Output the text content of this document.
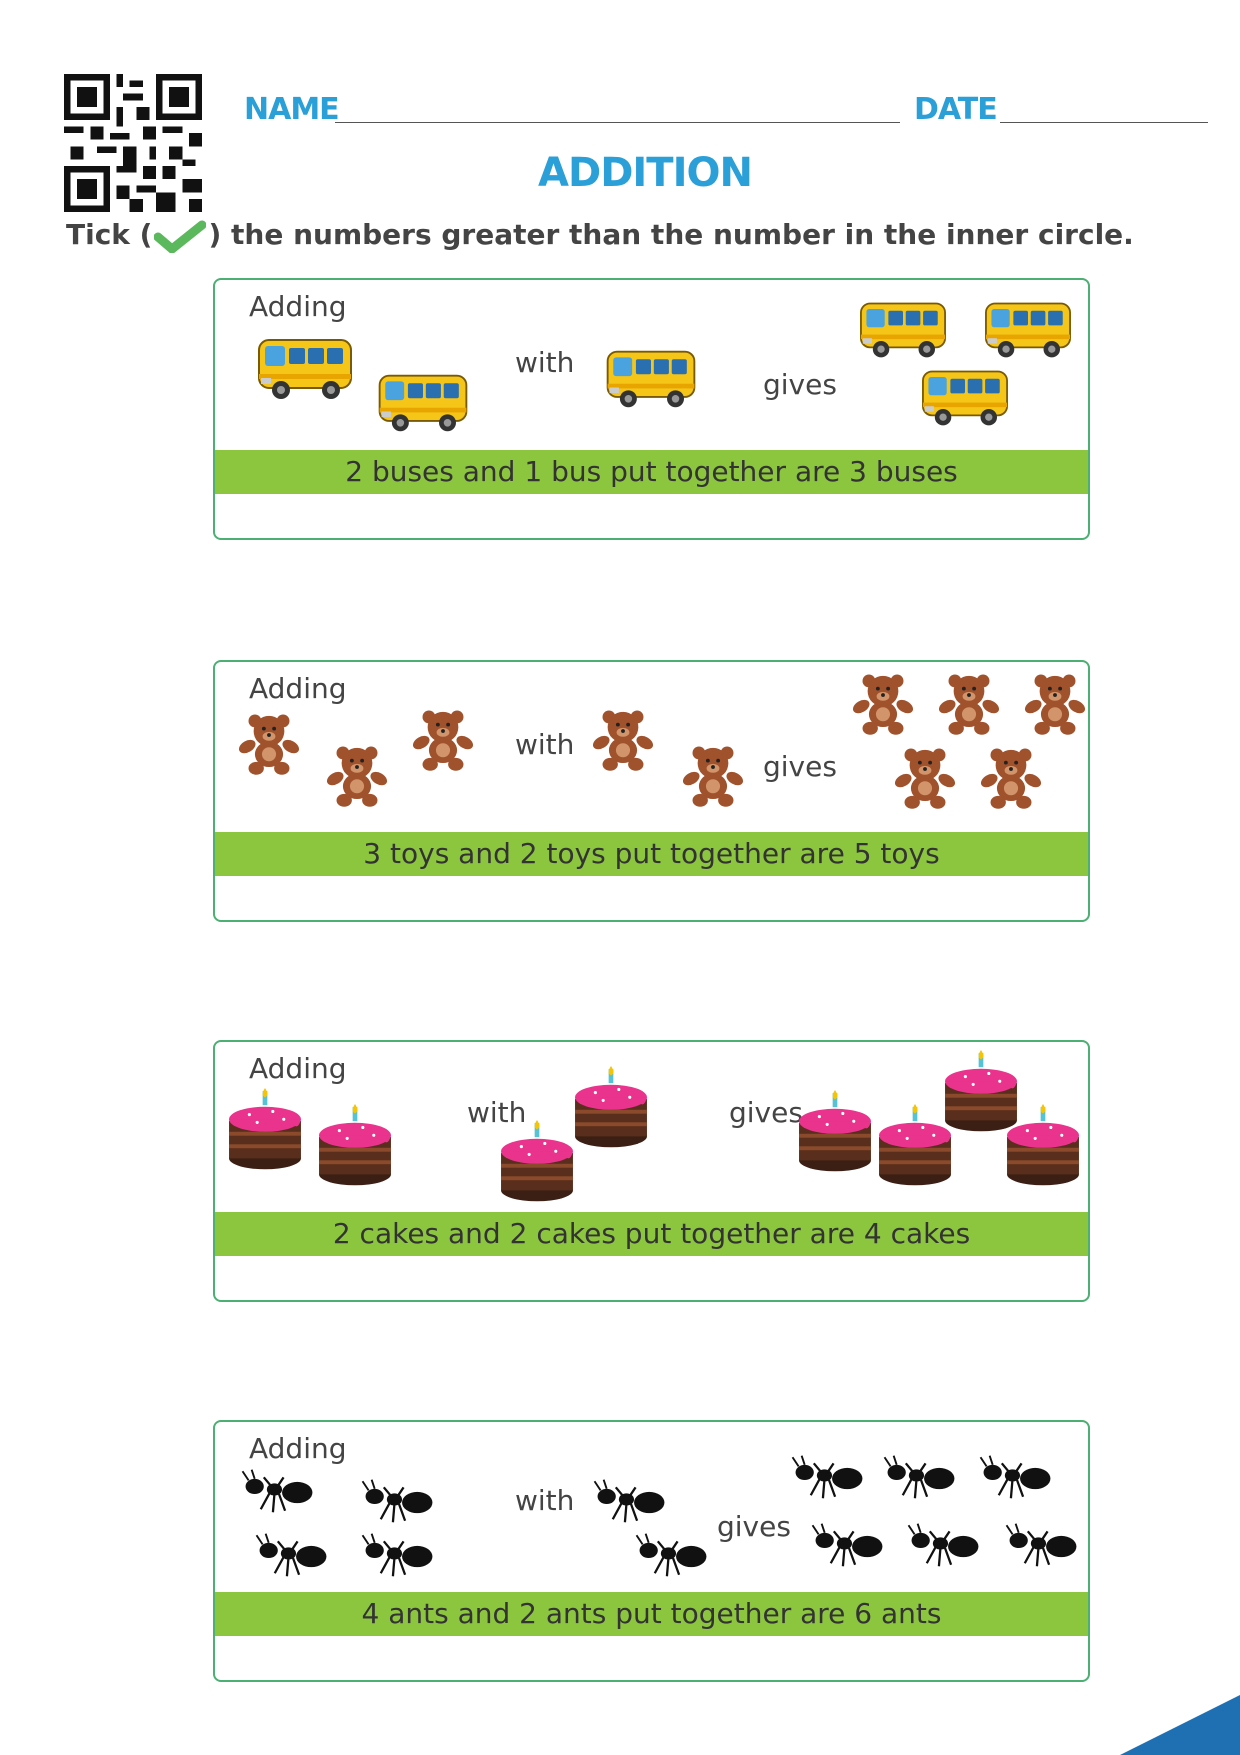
NAME	DATE
ADDITION
Tick ( ) the numbers greater than the number in the inner circle.
Adding
with
gives
2 buses and 1 bus put together are 3 buses
Adding
with
gives
3 toys and 2 toys put together are 5 toys
Adding
with	gives
2 cakes and 2 cakes put together are 4 cakes
Adding
with
gives
4 ants and 2 ants put together are 6 ants
